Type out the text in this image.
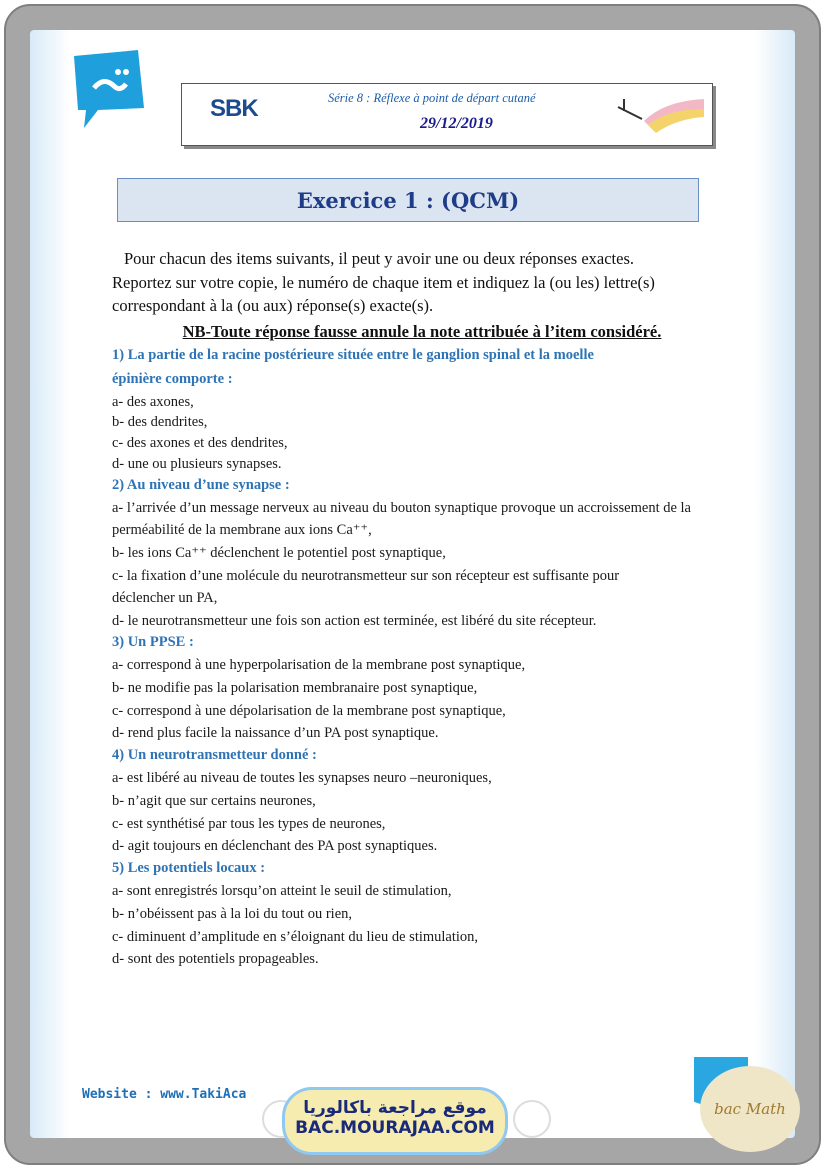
SBK	Série 8 : Réflexe à point de départ cutané
29/12/2019
Exercice 1 : (QCM)
Pour chacun des items suivants, il peut y avoir une ou deux réponses exactes.
Reportez sur votre copie, le numéro de chaque item et indiquez la (ou les) lettre(s)
correspondant à la (ou aux) réponse(s) exacte(s).
NB-Toute réponse fausse annule la note attribuée à l’item considéré.
1) La partie de la racine postérieure située entre le ganglion spinal et la moelle
épinière comporte :
a- des axones,
b- des dendrites,
c- des axones et des dendrites,
d- une ou plusieurs synapses.
2) Au niveau d’une synapse :
a- l’arrivée d’un message nerveux au niveau du bouton synaptique provoque un accroissement de la
perméabilité de la membrane aux ions Ca⁺⁺,
b- les ions Ca⁺⁺ déclenchent le potentiel post synaptique,
c- la fixation d’une molécule du neurotransmetteur sur son récepteur est suffisante pour
déclencher un PA,
d- le neurotransmetteur une fois son action est terminée, est libéré du site récepteur.
3) Un PPSE :
a- correspond à une hyperpolarisation de la membrane post synaptique,
b- ne modifie pas la polarisation membranaire post synaptique,
c- correspond à une dépolarisation de la membrane post synaptique,
d- rend plus facile la naissance d’un PA post synaptique.
4) Un neurotransmetteur donné :
a- est libéré au niveau de toutes les synapses neuro –neuroniques,
b- n’agit que sur certains neurones,
c- est synthétisé par tous les types de neurones,
d- agit toujours en déclenchant des PA post synaptiques.
5) Les potentiels locaux :
a- sont enregistrés lorsqu’on atteint le seuil de stimulation,
b- n’obéissent pas à la loi du tout ou rien,
c- diminuent d’amplitude en s’éloignant du lieu de stimulation,
d- sont des potentiels propageables.
Website : www.TakiAca
موقع مراجعة باكالوريا
BAC.MOURAJAA.COM
bac Math
